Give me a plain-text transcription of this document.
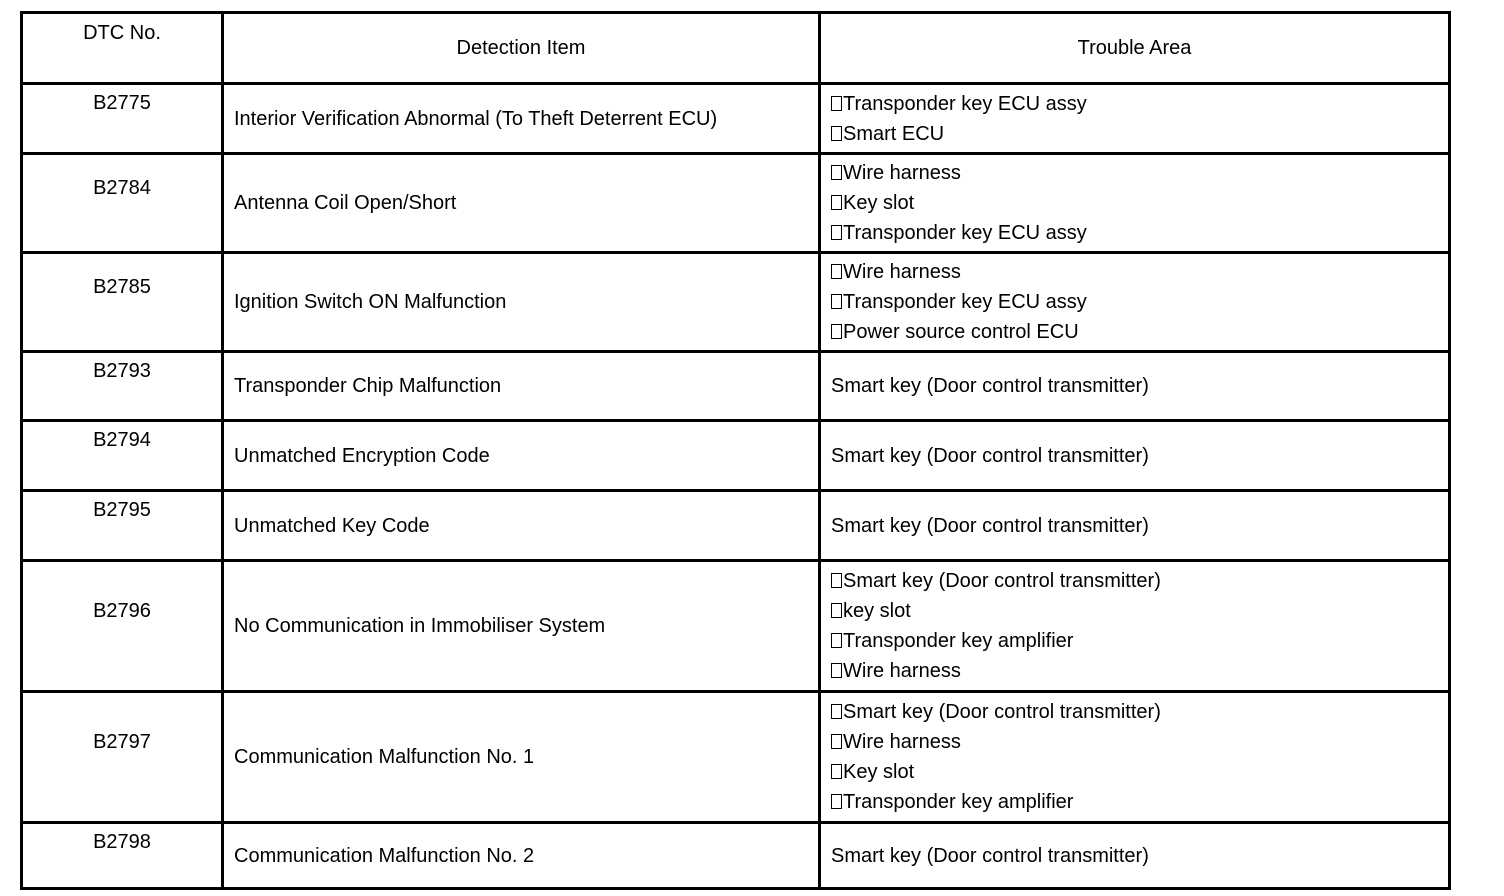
DTC No.	Detection Item	Trouble Area
B2775	Interior Verification Abnormal (To Theft Deterrent ECU)	Transponder key ECU assy
Smart ECU

B2784	Antenna Coil Open/Short	Wire harness
Key slot
Transponder key ECU assy

B2785	Ignition Switch ON Malfunction	Wire harness
Transponder key ECU assy
Power source control ECU

B2793	Transponder Chip Malfunction	Smart key (Door control transmitter)
B2794	Unmatched Encryption Code	Smart key (Door control transmitter)
B2795	Unmatched Key Code	Smart key (Door control transmitter)
B2796	No Communication in Immobiliser System	Smart key (Door control transmitter)
key slot
Transponder key amplifier
Wire harness

B2797	Communication Malfunction No. 1	Smart key (Door control transmitter)
Wire harness
Key slot
Transponder key amplifier

B2798	Communication Malfunction No. 2	Smart key (Door control transmitter)
